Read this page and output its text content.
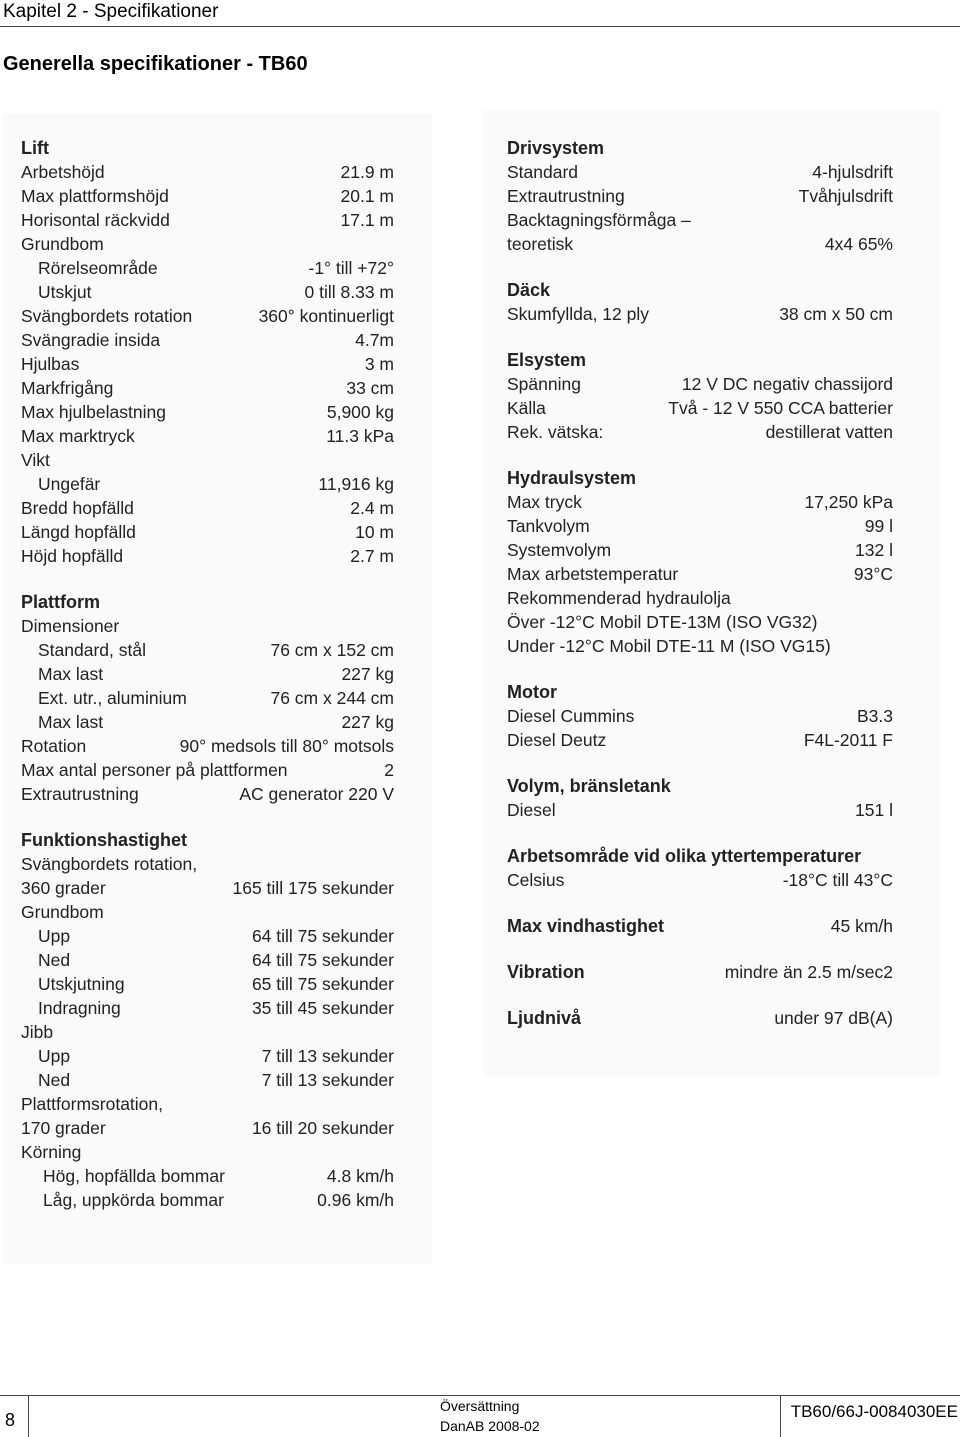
Kapitel 2 - Specifikationer
Generella specifikationer - TB60
Lift
Arbetshöjd	21.9 m
Max plattformshöjd	20.1 m
Horisontal räckvidd	17.1 m
Grundbom
Rörelseområde	-1° till +72°
Utskjut	0 till 8.33 m
Svängbordets rotation	360° kontinuerligt
Svängradie insida	4.7m
Hjulbas	3 m
Markfrigång	33 cm
Max hjulbelastning	5,900 kg
Max marktryck	11.3 kPa
Vikt
Ungefär	11,916 kg
Bredd hopfälld	2.4 m
Längd hopfälld	10 m
Höjd hopfälld	2.7 m
Plattform
Dimensioner
Standard, stål	76 cm x 152 cm
Max last	227 kg
Ext. utr., aluminium	76 cm x 244 cm
Max last	227 kg
Rotation	90° medsols till 80° motsols
Max antal personer på plattformen	2
Extrautrustning	AC generator 220 V
Funktionshastighet
Svängbordets rotation,
360 grader	165 till 175 sekunder
Grundbom
Upp	64 till 75 sekunder
Ned	64 till 75 sekunder
Utskjutning	65 till 75 sekunder
Indragning	35 till 45 sekunder
Jibb
Upp	7 till 13 sekunder
Ned	7 till 13 sekunder
Plattformsrotation,
170 grader	16 till 20 sekunder
Körning
Hög, hopfällda bommar	4.8 km/h
Låg, uppkörda bommar	0.96 km/h
Drivsystem
Standard	4-hjulsdrift
Extrautrustning	Tvåhjulsdrift
Backtagningsförmåga –
teoretisk	4x4 65%
Däck
Skumfyllda, 12 ply	38 cm x 50 cm
Elsystem
Spänning	12 V DC negativ chassijord
Källa	Två - 12 V 550 CCA batterier
Rek. vätska:	destillerat vatten
Hydraulsystem
Max tryck	17,250 kPa
Tankvolym	99 l
Systemvolym	132 l
Max arbetstemperatur	93°C
Rekommenderad hydraulolja
Över -12°C Mobil DTE-13M (ISO VG32)
Under -12°C Mobil DTE-11 M (ISO VG15)
Motor
Diesel Cummins	B3.3
Diesel Deutz	F4L-2011 F
Volym, bränsletank
Diesel	151 l
Arbetsområde vid olika yttertemperaturer
Celsius	-18°C till 43°C
Max vindhastighet	45 km/h
Vibration	mindre än 2.5 m/sec2
Ljudnivå	under 97 dB(A)
8
Översättning
DanAB 2008-02
TB60/66J-0084030EE
